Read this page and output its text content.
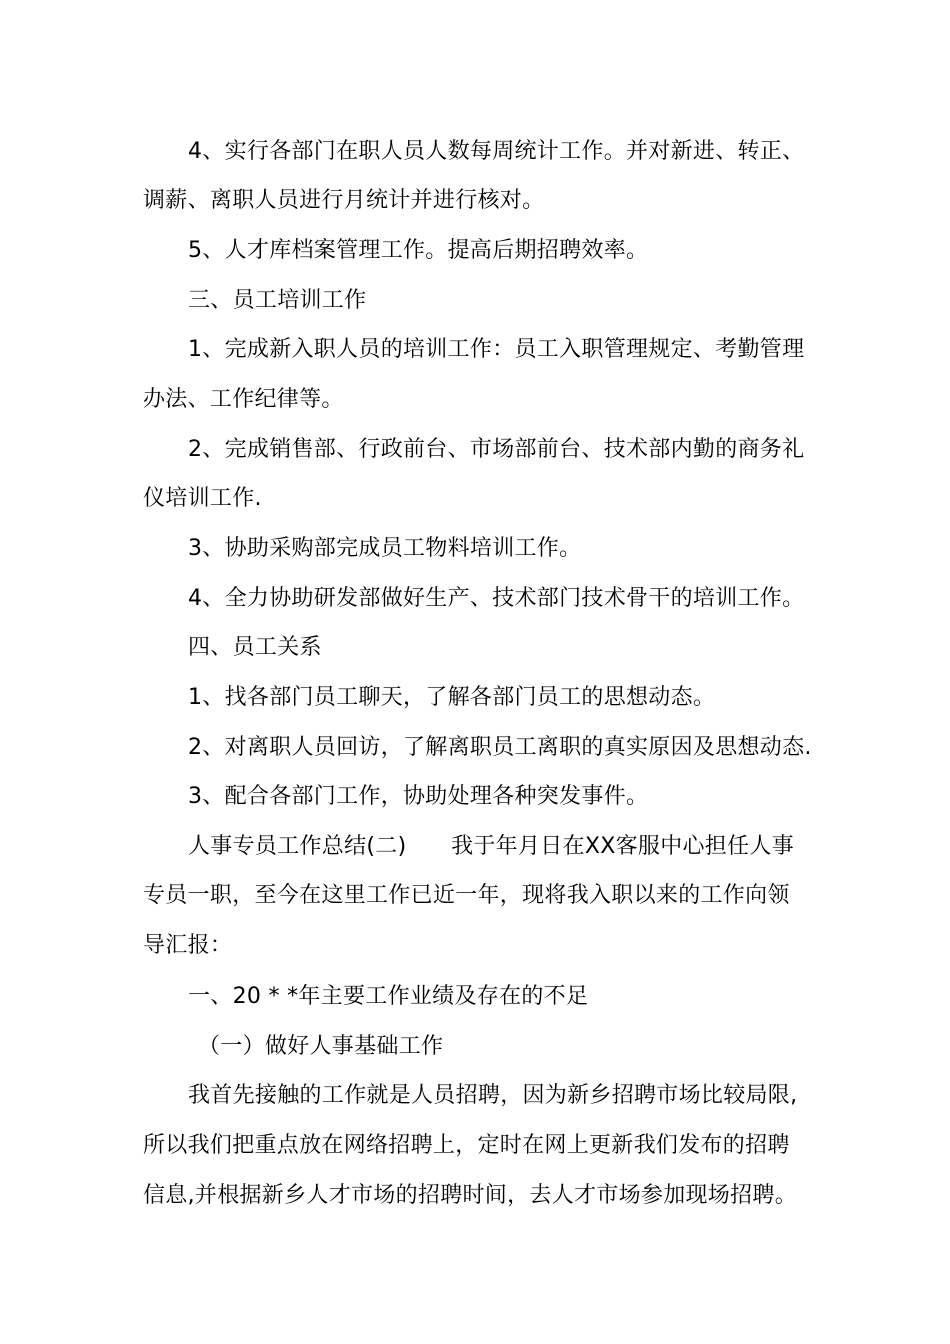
4、实行各部门在职人员人数每周统计工作。并对新进、转正、
调薪、离职人员进行月统计并进行核对。
5、人才库档案管理工作。提高后期招聘效率。
三、员工培训工作
1、完成新入职人员的培训工作：员工入职管理规定、考勤管理
办法、工作纪律等。
2、完成销售部、行政前台、市场部前台、技术部内勤的商务礼
仪培训工作.
3、协助采购部完成员工物料培训工作。
4、全力协助研发部做好生产、技术部门技术骨干的培训工作。
四、员工关系
1、找各部门员工聊天，了解各部门员工的思想动态。
2、对离职人员回访，了解离职员工离职的真实原因及思想动态.
3、配合各部门工作，协助处理各种突发事件。
人事专员工作总结(二)　　我于年月日在XX客服中心担任人事
专员一职，至今在这里工作已近一年，现将我入职以来的工作向领
导汇报：
一、20 * *年主要工作业绩及存在的不足
（一）做好人事基础工作
我首先接触的工作就是人员招聘，因为新乡招聘市场比较局限,
所以我们把重点放在网络招聘上，定时在网上更新我们发布的招聘
信息,并根据新乡人才市场的招聘时间，去人才市场参加现场招聘。
